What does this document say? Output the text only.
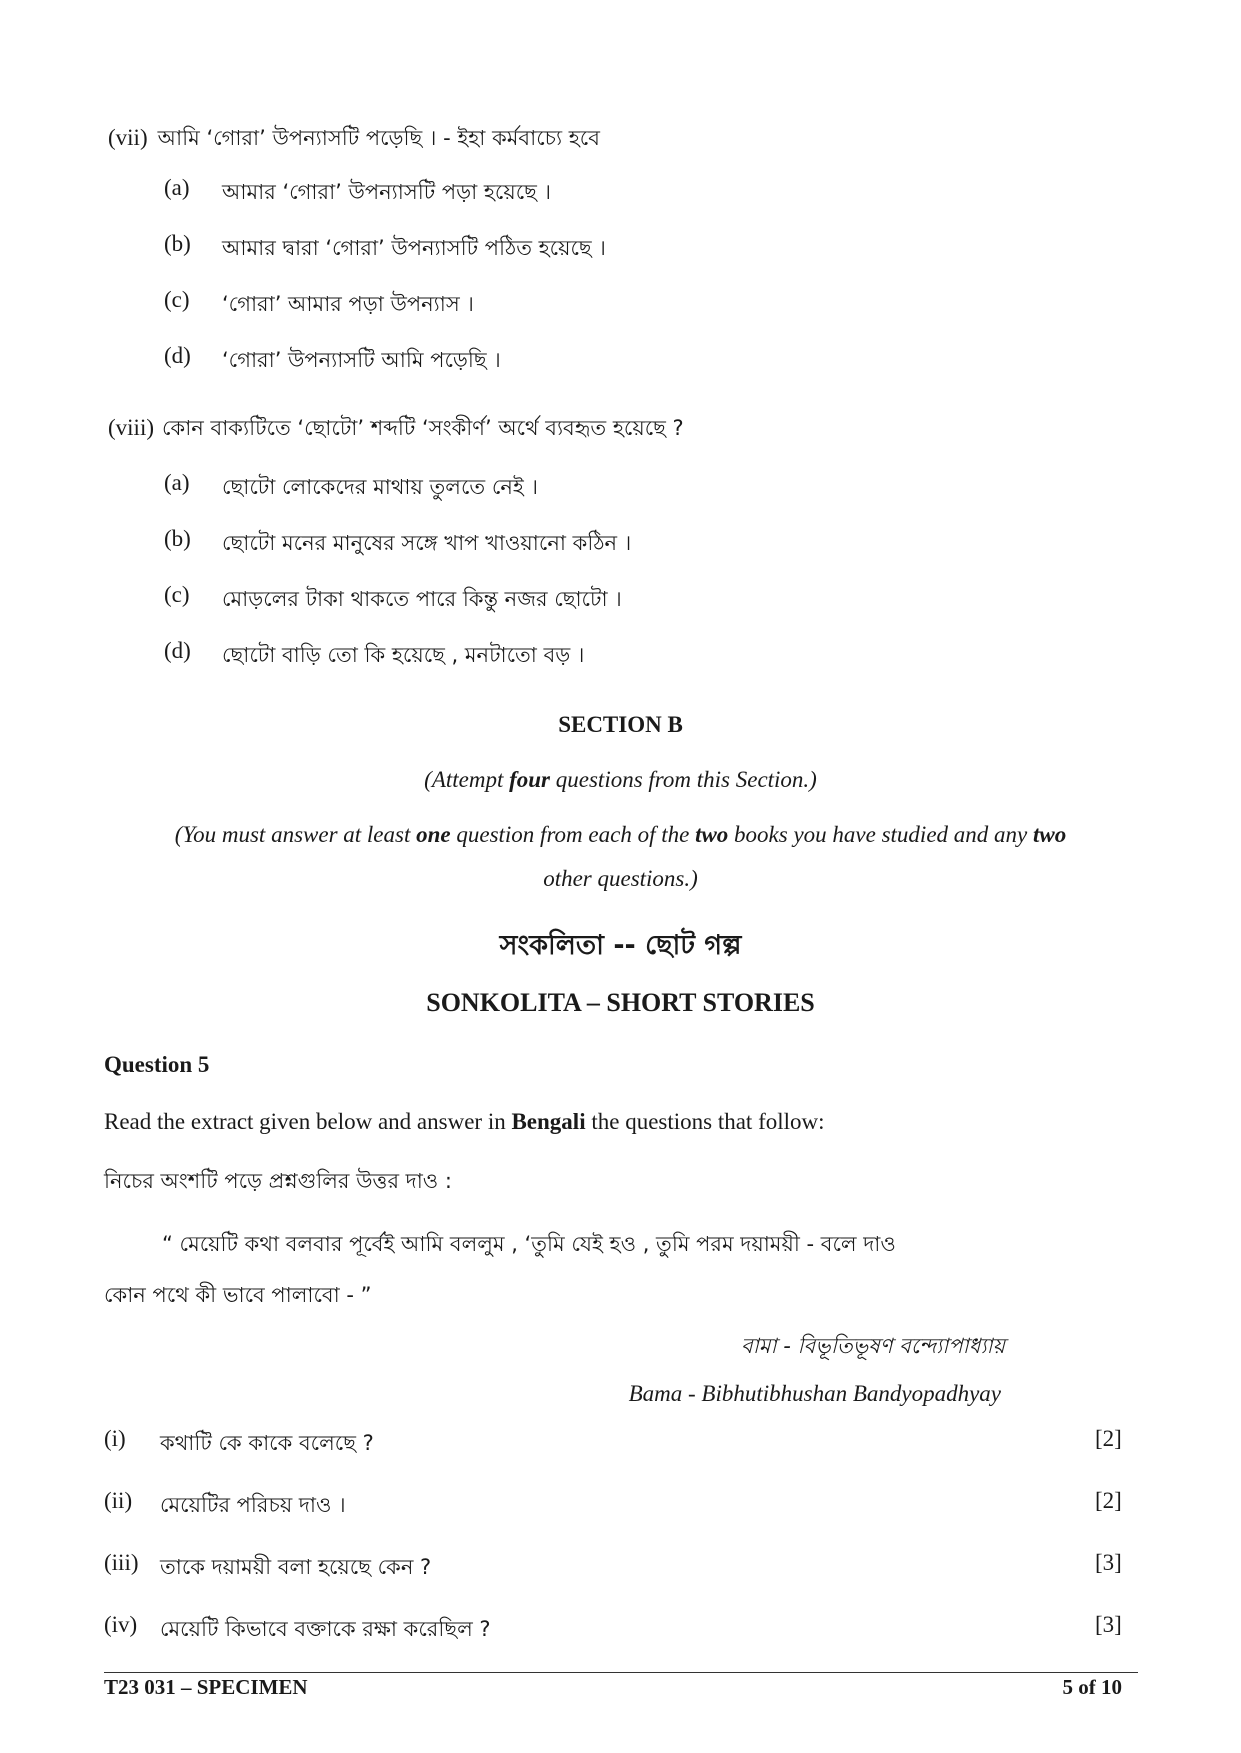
(vii) আমি ‘গোরা’ উপন্যাসটি পড়েছি । - ইহা কর্মবাচ্যে হবে
(a) আমার ‘গোরা’ উপন্যাসটি পড়া হয়েছে ।
(b) আমার দ্বারা ‘গোরা’ উপন্যাসটি পঠিত হয়েছে ।
(c) ‘গোরা’ আমার পড়া উপন্যাস ।
(d) ‘গোরা’ উপন্যাসটি আমি পড়েছি ।
(viii) কোন বাক্যটিতে ‘ছোটো’ শব্দটি ‘সংকীর্ণ’ অর্থে ব্যবহৃত হয়েছে ?
(a) ছোটো লোকেদের মাথায় তুলতে নেই ।
(b) ছোটো মনের মানুষের সঙ্গে খাপ খাওয়ানো কঠিন ।
(c) মোড়লের টাকা থাকতে পারে কিন্তু নজর ছোটো ।
(d) ছোটো বাড়ি তো কি হয়েছে , মনটাতো বড় ।
SECTION B
(Attempt four questions from this Section.)
(You must answer at least one question from each of the two books you have studied and any two
other questions.)
সংকলিতা -- ছোট গল্প
SONKOLITA – SHORT STORIES
Question 5
Read the extract given below and answer in Bengali the questions that follow:
নিচের অংশটি পড়ে প্রশ্নগুলির উত্তর দাও :
“ মেয়েটি কথা বলবার পূর্বেই আমি বললুম , ‘তুমি যেই হও , তুমি পরম দয়াময়ী - বলে দাও
কোন পথে কী ভাবে পালাবো - ”
বামা - বিভূতিভূষণ বন্দ্যোপাধ্যায়
Bama - Bibhutibhushan Bandyopadhyay
(i) কথাটি কে কাকে বলেছে ?	[2]
(ii) মেয়েটির পরিচয় দাও ।	[2]
(iii) তাকে দয়াময়ী বলা হয়েছে কেন ?	[3]
(iv) মেয়েটি কিভাবে বক্তাকে রক্ষা করেছিল ?	[3]
T23 031 – SPECIMEN	5 of 10
